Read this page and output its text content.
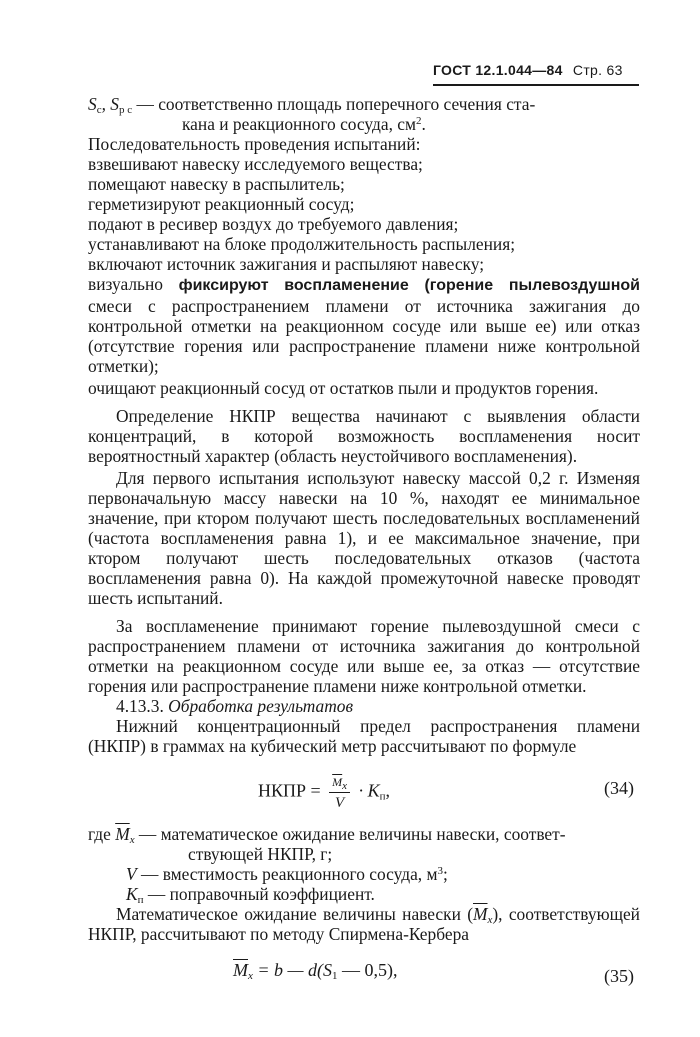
ГОСТ 12.1.044—84 Стр. 63

$S_c$, $S_{p c}$ — соответственно площадь поперечного сечения ста-

кана и реакционного сосуда, $см^2$.

Последовательность проведения испытаний:

взвешивают навеску исследуемого вещества;

помещают навеску в распылитель;

герметизируют реакционный сосуд;

подают в ресивер воздух до требуемого давления;

устанавливают на блоке продолжительность распыления;

включают источник зажигания и распыляют навеску;

визуально фиксируют воспламенение (горение пылевоздушной смеси с распространением пламени от источника зажигания до контрольной отметки на реакционном сосуде или выше ее) или отказ (отсутствие горения или распространение пламени ниже контрольной отметки);

очищают реакционный сосуд от остатков пыли и продуктов горения.

Определение НКПР вещества начинают с выявления области концентраций, в которой возможность воспламенения носит вероятностный характер (область неустойчивого воспламенения).

Для первого испытания используют навеску массой 0,2 г. Изменяя первоначальную массу навески на 10 %, находят ее минимальное значение, при ктором получают шесть последовательных воспламенений (частота воспламенения равна 1), и ее максимальное значение, при ктором получают шесть последовательных отказов (частота воспламенения равна 0). На каждой промежуточной навеске проводят шесть испытаний.

За воспламенение принимают горение пылевоздушной смеси с распространением пламени от источника зажигания до контрольной отметки на реакционном сосуде или выше ее, за отказ — отсутствие горения или распространение пламени ниже контрольной отметки.

4.13.3. Обработка результатов

Нижний концентрационный предел распространения пламени (НКПР) в граммах на кубический метр рассчитывают по формуле

НКПР = $\frac{\overline{M}_x}{V} \cdot K_п$,	(34)

где $\overline{M}_x$ — математическое ожидание величины навески, соответ-

ствующей НКПР, г;

V — вместимость реакционного сосуда, $м^3$;

$K_п$ — поправочный коэффициент.

Математическое ожидание величины навески $(\overline{M}_x)$, соответствующей НКПР, рассчитывают по методу Спирмена-Кербера

$\overline{M}_x = b$ — $d(S_1$ — 0,5),	(35)
